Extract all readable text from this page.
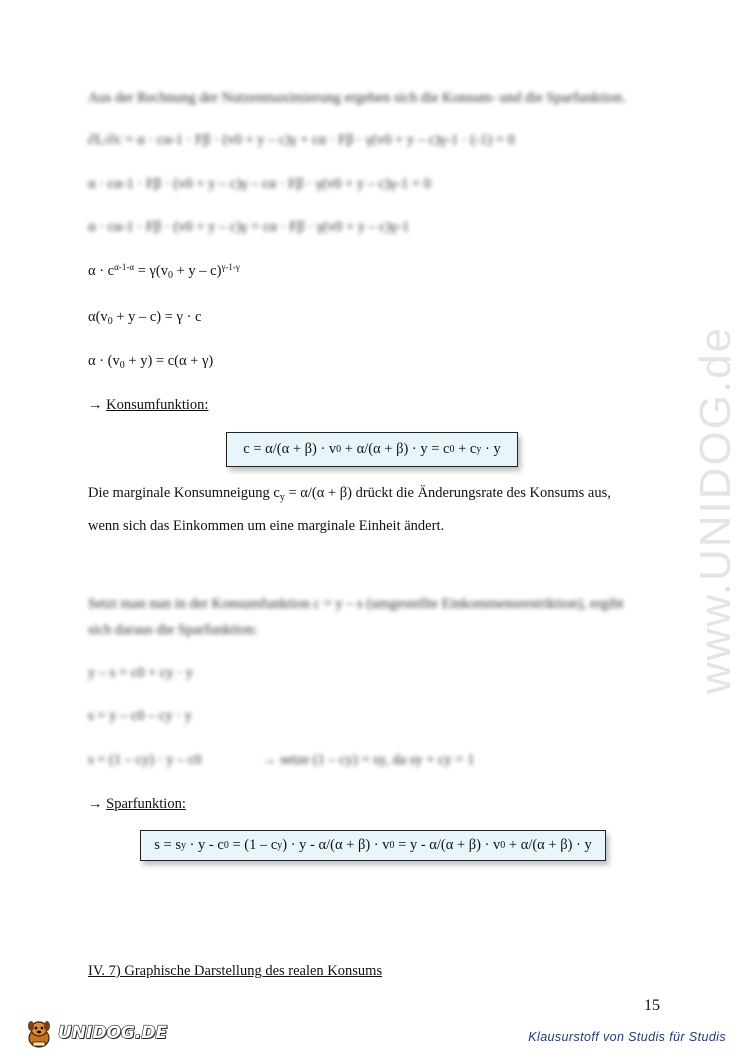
www.UNIDOG.de
Aus der Rechnung der Nutzenmaximierung ergeben sich die Konsum- und die Sparfunktion.
∂L/∂c = α · cα-1 · Fβ · (v0 + y – c)γ + cα · Fβ · γ(v0 + y – c)γ-1 · (-1) = 0
α · cα-1 · Fβ · (v0 + y – c)γ – cα · Fβ · γ(v0 + y – c)γ-1 = 0
α · cα-1 · Fβ · (v0 + y – c)γ = cα · Fβ · γ(v0 + y – c)γ-1
$\alpha \cdot c^{\alpha-1-\alpha} = \gamma(v_0 + y - c)^{\gamma-1-\gamma}$
$\alpha(v_0 + y - c) = \gamma \cdot c$
$\alpha \cdot (v_0 + y) = c(\alpha + \gamma)$
→ Konsumfunktion:
c = α/(α + β) · v 0 + α/(α + β) · y = c 0 + c y · y
Die marginale Konsumneigung $c_y = \alpha/(\alpha + \beta)$ drückt die Änderungsrate des Konsums aus,
wenn sich das Einkommen um eine marginale Einheit ändert.
Setzt man nun in der Konsumfunktion c = y – s (umgestellte Einkommensrestriktion), ergibt
sich daraus die Sparfunktion:
y – s = c0 + cy · y
s = y – c0 – cy · y
s = (1 – cy) · y – c0	→ setze (1 – cy) = sy, da sy + cy = 1
→ Sparfunktion:
s = s y · y - c 0 = (1 – c y ) · y - α/(α + β) · v 0 = y - α/(α + β) · v 0 + α/(α + β) · y
IV. 7) Graphische Darstellung des realen Konsums
15
UNIDOG.DE	Klausurstoff von Studis für Studis
